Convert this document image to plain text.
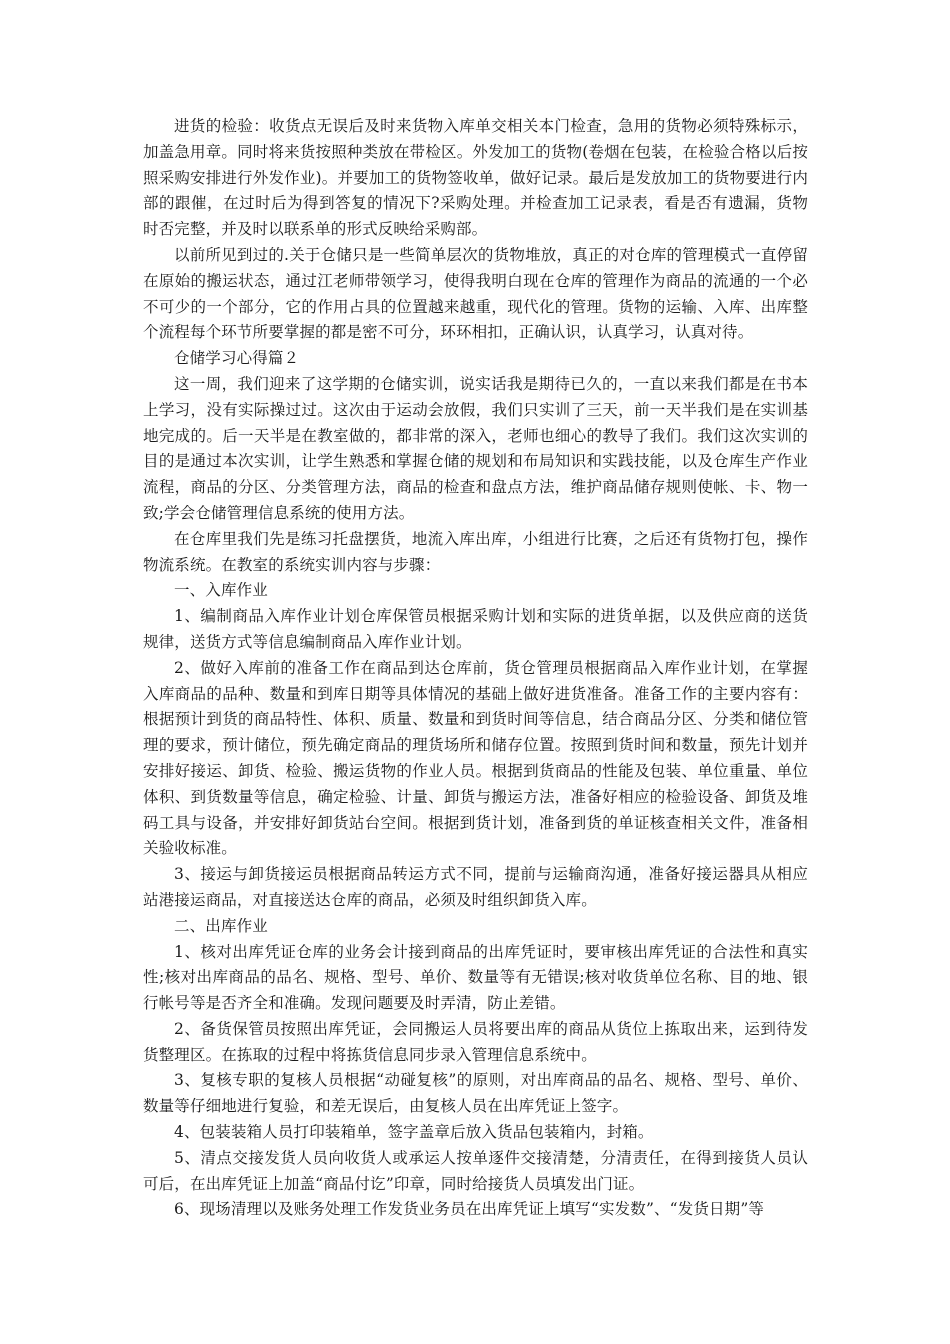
进货的检验：收货点无误后及时来货物入库单交相关本门检查，急用的货物必须特殊标示，加盖急用章。同时将来货按照种类放在带检区。外发加工的货物(卷烟在包装，在检验合格以后按照采购安排进行外发作业)。并要加工的货物签收单，做好记录。最后是发放加工的货物要进行内部的跟催，在过时后为得到答复的情况下?采购处理。并检查加工记录表，看是否有遗漏，货物时否完整，并及时以联系单的形式反映给采购部。

以前所见到过的.关于仓储只是一些简单层次的货物堆放，真正的对仓库的管理模式一直停留在原始的搬运状态，通过江老师带领学习，使得我明白现在仓库的管理作为商品的流通的一个必不可少的一个部分，它的作用占具的位置越来越重，现代化的管理。货物的运输、入库、出库整个流程每个环节所要掌握的都是密不可分，环环相扣，正确认识，认真学习，认真对待。

仓储学习心得篇２

这一周，我们迎来了这学期的仓储实训，说实话我是期待已久的，一直以来我们都是在书本上学习，没有实际操过过。这次由于运动会放假，我们只实训了三天，前一天半我们是在实训基地完成的。后一天半是在教室做的，都非常的深入，老师也细心的教导了我们。我们这次实训的目的是通过本次实训，让学生熟悉和掌握仓储的规划和布局知识和实践技能，以及仓库生产作业流程，商品的分区、分类管理方法，商品的检查和盘点方法，维护商品储存规则使帐、卡、物一致;学会仓储管理信息系统的使用方法。

在仓库里我们先是练习托盘摆货，地流入库出库，小组进行比赛，之后还有货物打包，操作物流系统。在教室的系统实训内容与步骤：

一、入库作业

1、编制商品入库作业计划仓库保管员根据采购计划和实际的进货单据，以及供应商的送货规律，送货方式等信息编制商品入库作业计划。

2、做好入库前的准备工作在商品到达仓库前，货仓管理员根据商品入库作业计划，在掌握入库商品的品种、数量和到库日期等具体情况的基础上做好进货准备。准备工作的主要内容有：根据预计到货的商品特性、体积、质量、数量和到货时间等信息，结合商品分区、分类和储位管理的要求，预计储位，预先确定商品的理货场所和储存位置。按照到货时间和数量，预先计划并安排好接运、卸货、检验、搬运货物的作业人员。根据到货商品的性能及包装、单位重量、单位体积、到货数量等信息，确定检验、计量、卸货与搬运方法，准备好相应的检验设备、卸货及堆码工具与设备，并安排好卸货站台空间。根据到货计划，准备到货的单证核查相关文件，准备相关验收标准。

3、接运与卸货接运员根据商品转运方式不同，提前与运输商沟通，准备好接运器具从相应站港接运商品，对直接送达仓库的商品，必须及时组织卸货入库。

二、出库作业

1、核对出库凭证仓库的业务会计接到商品的出库凭证时，要审核出库凭证的合法性和真实性;核对出库商品的品名、规格、型号、单价、数量等有无错误;核对收货单位名称、目的地、银行帐号等是否齐全和准确。发现问题要及时弄清，防止差错。

2、备货保管员按照出库凭证，会同搬运人员将要出库的商品从货位上拣取出来，运到待发货整理区。在拣取的过程中将拣货信息同步录入管理信息系统中。

3、复核专职的复核人员根据“动碰复核”的原则，对出库商品的品名、规格、型号、单价、数量等仔细地进行复验，和差无误后，由复核人员在出库凭证上签字。

4、包装装箱人员打印装箱单，签字盖章后放入货品包装箱内，封箱。

5、清点交接发货人员向收货人或承运人按单逐件交接清楚，分清责任，在得到接货人员认可后，在出库凭证上加盖“商品付讫”印章，同时给接货人员填发出门证。

6、现场清理以及账务处理工作发货业务员在出库凭证上填写“实发数”、“发货日期”等
